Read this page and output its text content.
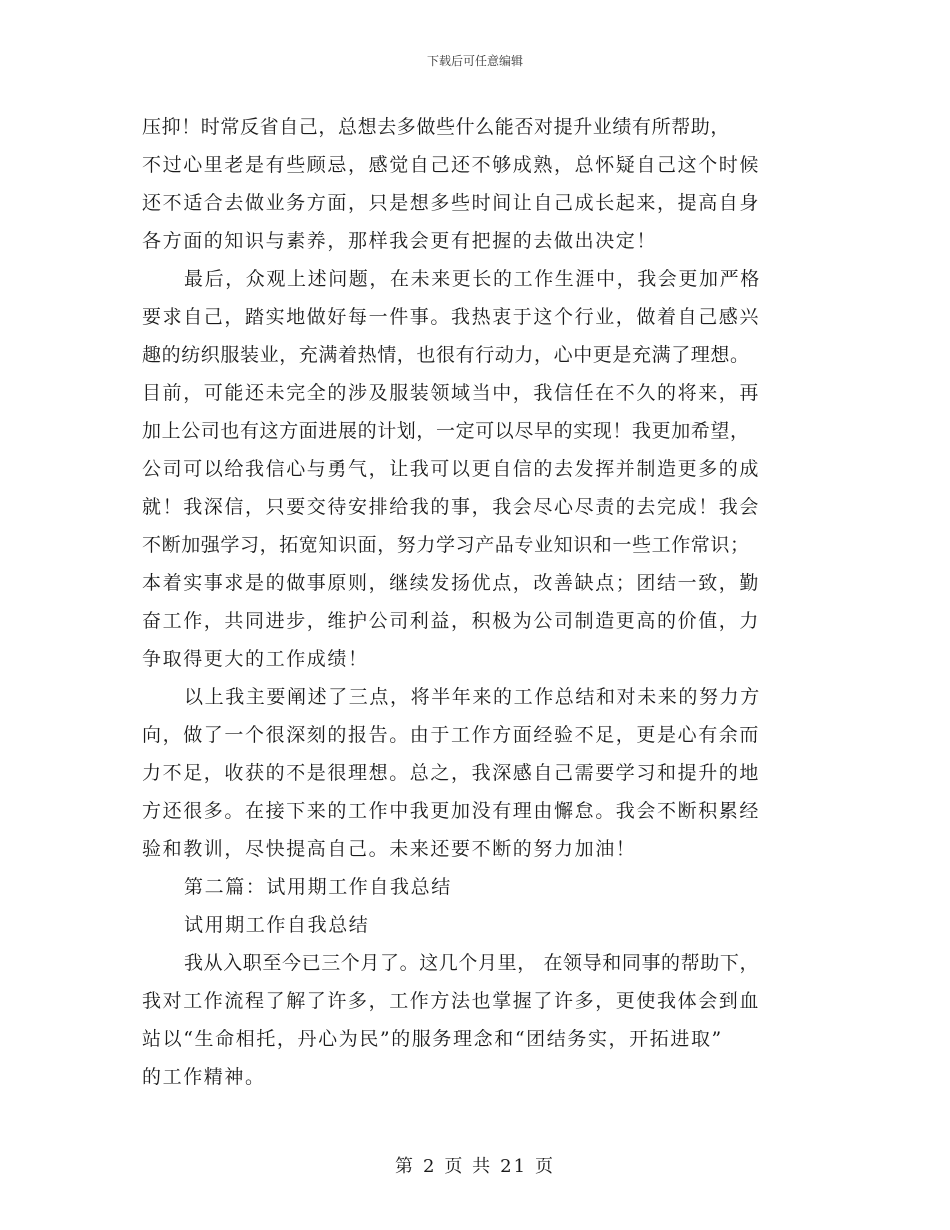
下载后可任意编辑
压抑！时常反省自己，总想去多做些什么能否对提升业绩有所帮助，
不过心里老是有些顾忌，感觉自己还不够成熟，总怀疑自己这个时候
还不适合去做业务方面，只是想多些时间让自己成长起来，提高自身
各方面的知识与素养，那样我会更有把握的去做出决定！
最后，众观上述问题，在未来更长的工作生涯中，我会更加严格
要求自己，踏实地做好每一件事。我热衷于这个行业，做着自己感兴
趣的纺织服装业，充满着热情，也很有行动力，心中更是充满了理想。
目前，可能还未完全的涉及服装领域当中，我信任在不久的将来，再
加上公司也有这方面进展的计划，一定可以尽早的实现！我更加希望，
公司可以给我信心与勇气，让我可以更自信的去发挥并制造更多的成
就！我深信，只要交待安排给我的事，我会尽心尽责的去完成！我会
不断加强学习，拓宽知识面，努力学习产品专业知识和一些工作常识；
本着实事求是的做事原则，继续发扬优点，改善缺点；团结一致，勤
奋工作，共同进步，维护公司利益，积极为公司制造更高的价值，力
争取得更大的工作成绩！
以上我主要阐述了三点，将半年来的工作总结和对未来的努力方
向，做了一个很深刻的报告。由于工作方面经验不足，更是心有余而
力不足，收获的不是很理想。总之，我深感自己需要学习和提升的地
方还很多。在接下来的工作中我更加没有理由懈怠。我会不断积累经
验和教训，尽快提高自己。未来还要不断的努力加油！
第二篇：试用期工作自我总结
试用期工作自我总结
我从入职至今已三个月了。这几个月里， 在领导和同事的帮助下，
我对工作流程了解了许多，工作方法也掌握了许多，更使我体会到血
站以“生命相托，丹心为民”的服务理念和“团结务实，开拓进取”
的工作精神。
第 2 页 共 21 页
